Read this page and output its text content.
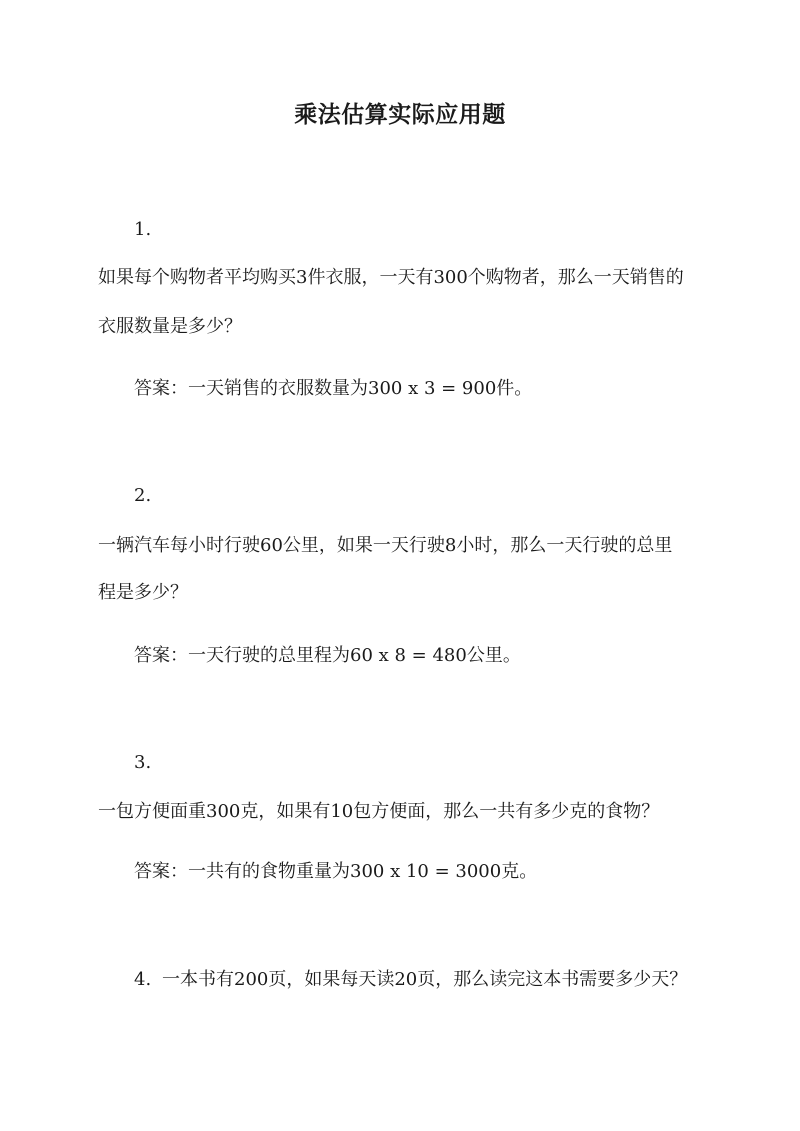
乘法估算实际应用题
1.
如果每个购物者平均购买3件衣服，一天有300个购物者，那么一天销售的
衣服数量是多少？
答案：一天销售的衣服数量为300 x 3 = 900件。
2.
一辆汽车每小时行驶60公里，如果一天行驶8小时，那么一天行驶的总里
程是多少？
答案：一天行驶的总里程为60 x 8 = 480公里。
3.
一包方便面重300克，如果有10包方便面，那么一共有多少克的食物？
答案：一共有的食物重量为300 x 10 = 3000克。
4. 一本书有200页，如果每天读20页，那么读完这本书需要多少天？
